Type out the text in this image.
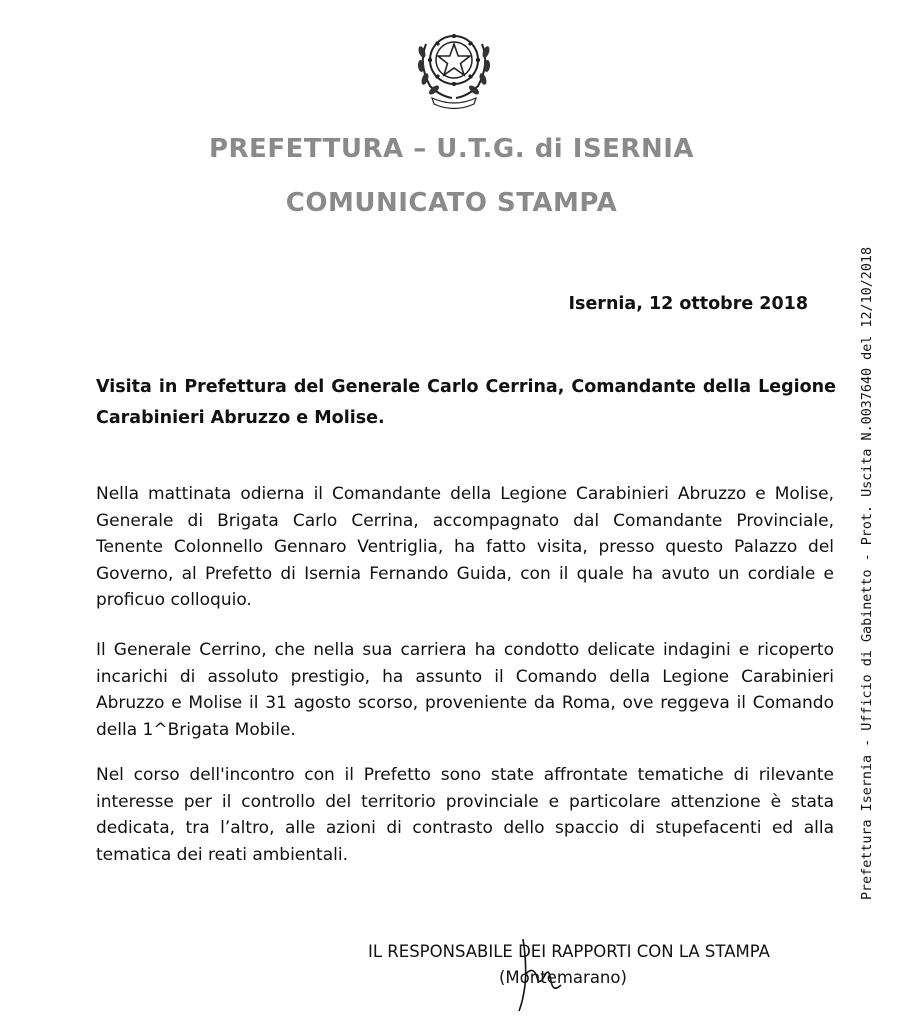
PREFETTURA – U.T.G. di ISERNIA
COMUNICATO STAMPA
Isernia, 12 ottobre 2018
Visita in Prefettura del Generale Carlo Cerrina, Comandante della Legione Carabinieri Abruzzo e Molise.

Nella mattinata odierna il Comandante della Legione Carabinieri Abruzzo e Molise, Generale di Brigata Carlo Cerrina, accompagnato dal Comandante Provinciale, Tenente Colonnello Gennaro Ventriglia, ha fatto visita, presso questo Palazzo del Governo, al Prefetto di Isernia Fernando Guida, con il quale ha avuto un cordiale e proficuo colloquio.

Il Generale Cerrino, che nella sua carriera ha condotto delicate indagini e ricoperto incarichi di assoluto prestigio, ha assunto il Comando della Legione Carabinieri Abruzzo e Molise il 31 agosto scorso, proveniente da Roma, ove reggeva il Comando della 1^Brigata Mobile.

Nel corso dell'incontro con il Prefetto sono state affrontate tematiche di rilevante interesse per il controllo del territorio provinciale e particolare attenzione è stata dedicata, tra l’altro, alle azioni di contrasto dello spaccio di stupefacenti ed alla tematica dei reati ambientali.

IL RESPONSABILE DEI RAPPORTI CON LA STAMPA
(Montemarano)
Prefettura Isernia - Ufficio di Gabinetto - Prot. Uscita N.0037640 del 12/10/2018
